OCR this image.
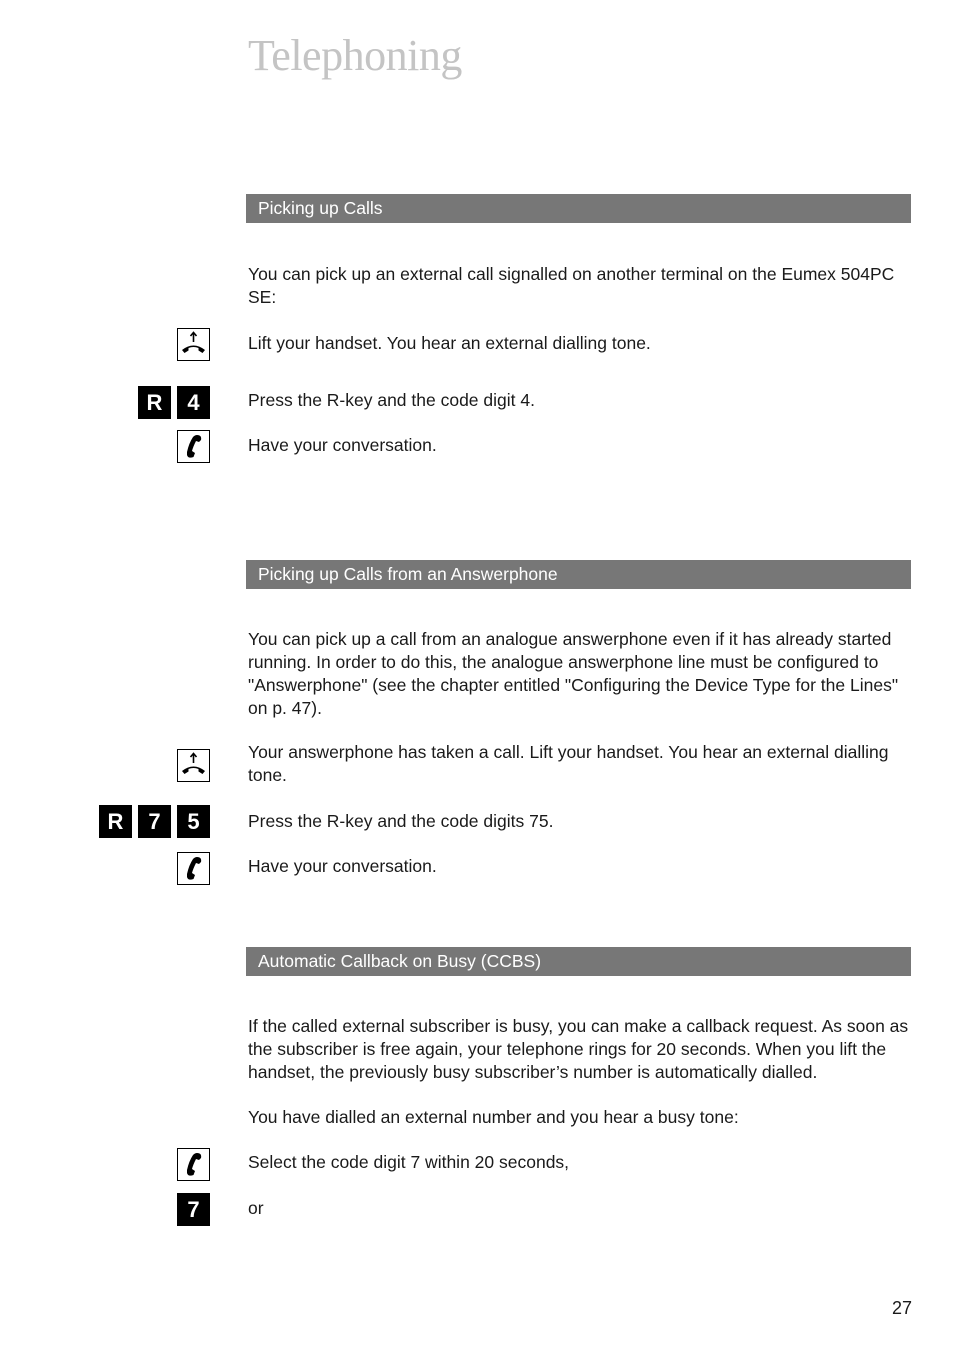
Telephoning
Picking up Calls
You can pick up an external call signalled on another terminal on the Eumex 504PC SE:
Lift your handset. You hear an external dialling tone.
R	4	Press the R-key and the code digit 4.
Have your conversation.
Picking up Calls from an Answerphone
You can pick up a call from an analogue answerphone even if it has already started running. In order to do this, the analogue answerphone line must be configured to "Answerphone" (see the chapter entitled "Configuring the Device Type for the Lines" on p. 47).
Your answerphone has taken a call. Lift your handset. You hear an external dialling tone.
R	7	5	Press the R-key and the code digits 75.
Have your conversation.
Automatic Callback on Busy (CCBS)
If the called external subscriber is busy, you can make a callback request. As soon as the subscriber is free again, your telephone rings for 20 seconds. When you lift the handset, the previously busy subscriber’s number is automatically dialled.
You have dialled an external number and you hear a busy tone:
Select the code digit 7 within 20 seconds,
7	or
27
